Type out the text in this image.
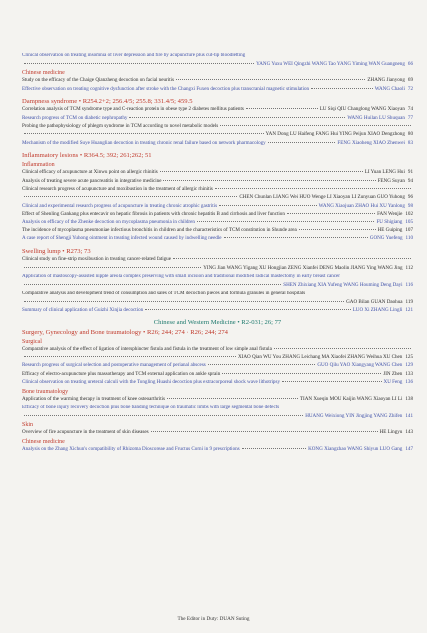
Clinical observation on treating insomnia of liver depression and fire by acupuncture plus cut-tip bloodletting
YANG Yuxu WEI Qingzhi WANG Tao YANG Yiming WAN Guangneng 66
Chinese medicine
Study on the efficacy of the Chaige Qianzheng decoction on facial neuritis	ZHANG Jianyong 69
Effective observation on treating cognitive dysfunction after stroke with the Changxi Fuxen decoction plus transcranial magnetic stimulation	WANG Chaoli 72
Dampness syndrome • R254.2+2; 256.4/5; 255.8; 331.4/5; 459.5
Correlation analysis of TCM syndrome type and C-reaction protein in obese type 2 diabetes mellitus patients	LU Siqi QIU Changlong WANG Xiaoyan 74
Research progress of TCM on diabetic nephropathy	WANG Huilan LU Shuquan 77
Probing the pathophysiology of phlegm syndrome in TCM according to novel metabolic models
YAN Dong LU Haifeng FANG Hui YING Peijun XIAO Dengzhong 80
Mechanism of the modified Suye Huanglian decoction in treating chronic renal failure based on network pharmacology	FENG Xiaoheng XIAO Zhenwei 83
Inflammatory lesions • R364.5; 392; 261;262; 51
Inflammation
Clinical efficacy of acupuncture at Xinwu point on allergic rhinitis	LI Yuan LENG Hui 91
Analysis of treating severe acute pancreatitis in integrative medicine	FENG Suyan 94
Clinical research progress of acupuncture and moxibustion in the treatment of allergic rhinitis
CHEN Chunlan LIANG Wei HUO Wenge LI Xiaoyan LI Zunyuan GUO Yuhong 96
Clinical and experimental research progress of acupuncture in treating chronic atrophic gastritis	WANG Xiaojuan ZHAO Hui XU Yanlong 98
Effect of Shenling Gankang plus entecavir on hepatic fibrosis in patients with chronic hepatitis B and cirrhosis and liver function	FAN Wenjie 102
Analysis on efficacy of the Zhenke decoction on mycoplasma pneumonia in children	FU Shigiang 105
The incidence of mycoplasma pneumoniae infectious bronchitis in children and the characteristics of TCM constitution in Shunde area	HE Guiping 107
A case report of Shengji Yuhong ointment in treating infected wound caused by indwelling needle	GONG Yuefeng 110
Swelling lump • R273; 73
Clinical study on fine-strip moxibustion in treating cancer-related fatigue
YING Jian WANG Yigang XU Hongjian ZENG Xianfei DENG Maolin JIANG Ying WANG Jing 112
Application of mastoscopy-assisted nipple areola complex preserving with small incision and traditional modified radical mastectomy in early breast cancer
SHEN Zhixiang XIA Yufeng WANG Houming Deng Dayi 116
Comparative analysis and development trend of consumption and sales of TCM decoction pieces and formula granules in general hospitals
GAO Bilan GUAN Daohua 119
Summary of clinical application of Guizhi Xinjia decoction	LUO Xi ZHANG Lingli 121
Chinese and Western Medicine • R2-031; 26; 77
Surgery, Gynecology and Bone traumatology • R26; 244; 274 · R26; 244; 274
Surgical
Comparative analysis of the effect of ligation of intersphincter fistula and fistula in the treatment of low simple anal fistula
XIAO Qian WU You ZHANG Leichang MA Xiaofei ZHANG Weihua XU Chen 125
Research progress of surgical selection and postoperative management of perianal abscess	GUO Qilu YAO Xiangyang WANG Chen 129
Efficacy of electro-acupuncture plus massotherapy and TCM external application on ankle sprain	JIN Zhen 133
Clinical observation on treating ureteral calculi with the Tongling Huashi decoction plus extracorporeal shock wave lithotripsy	XU Feng 136
Bone traumatology
Application of the warming therapy in treatment of knee osteoarthritis	TIAN Xueqin MOU Kaijin WANG Xiaoyan LI Li 138
Efficacy of bone injury recovery decoction plus bone banding technique on traumatic limbs with large segmental bone defects
HUANG Weixiong YIN Jingjing YANG Zhifen 141
Skin
Overview of fire acupuncture in the treatment of skin diseases	HE Lingyu 143
Chinese medicine
Analysis on the Zhang Xichun's compatibility of Rhizoma Dioscoreae and Fructus Corni in 9 prescriptions	KONG Xiangzhao WANG Shiyun LUO Gang 147
The Editor in Duty: DUAN Suting
